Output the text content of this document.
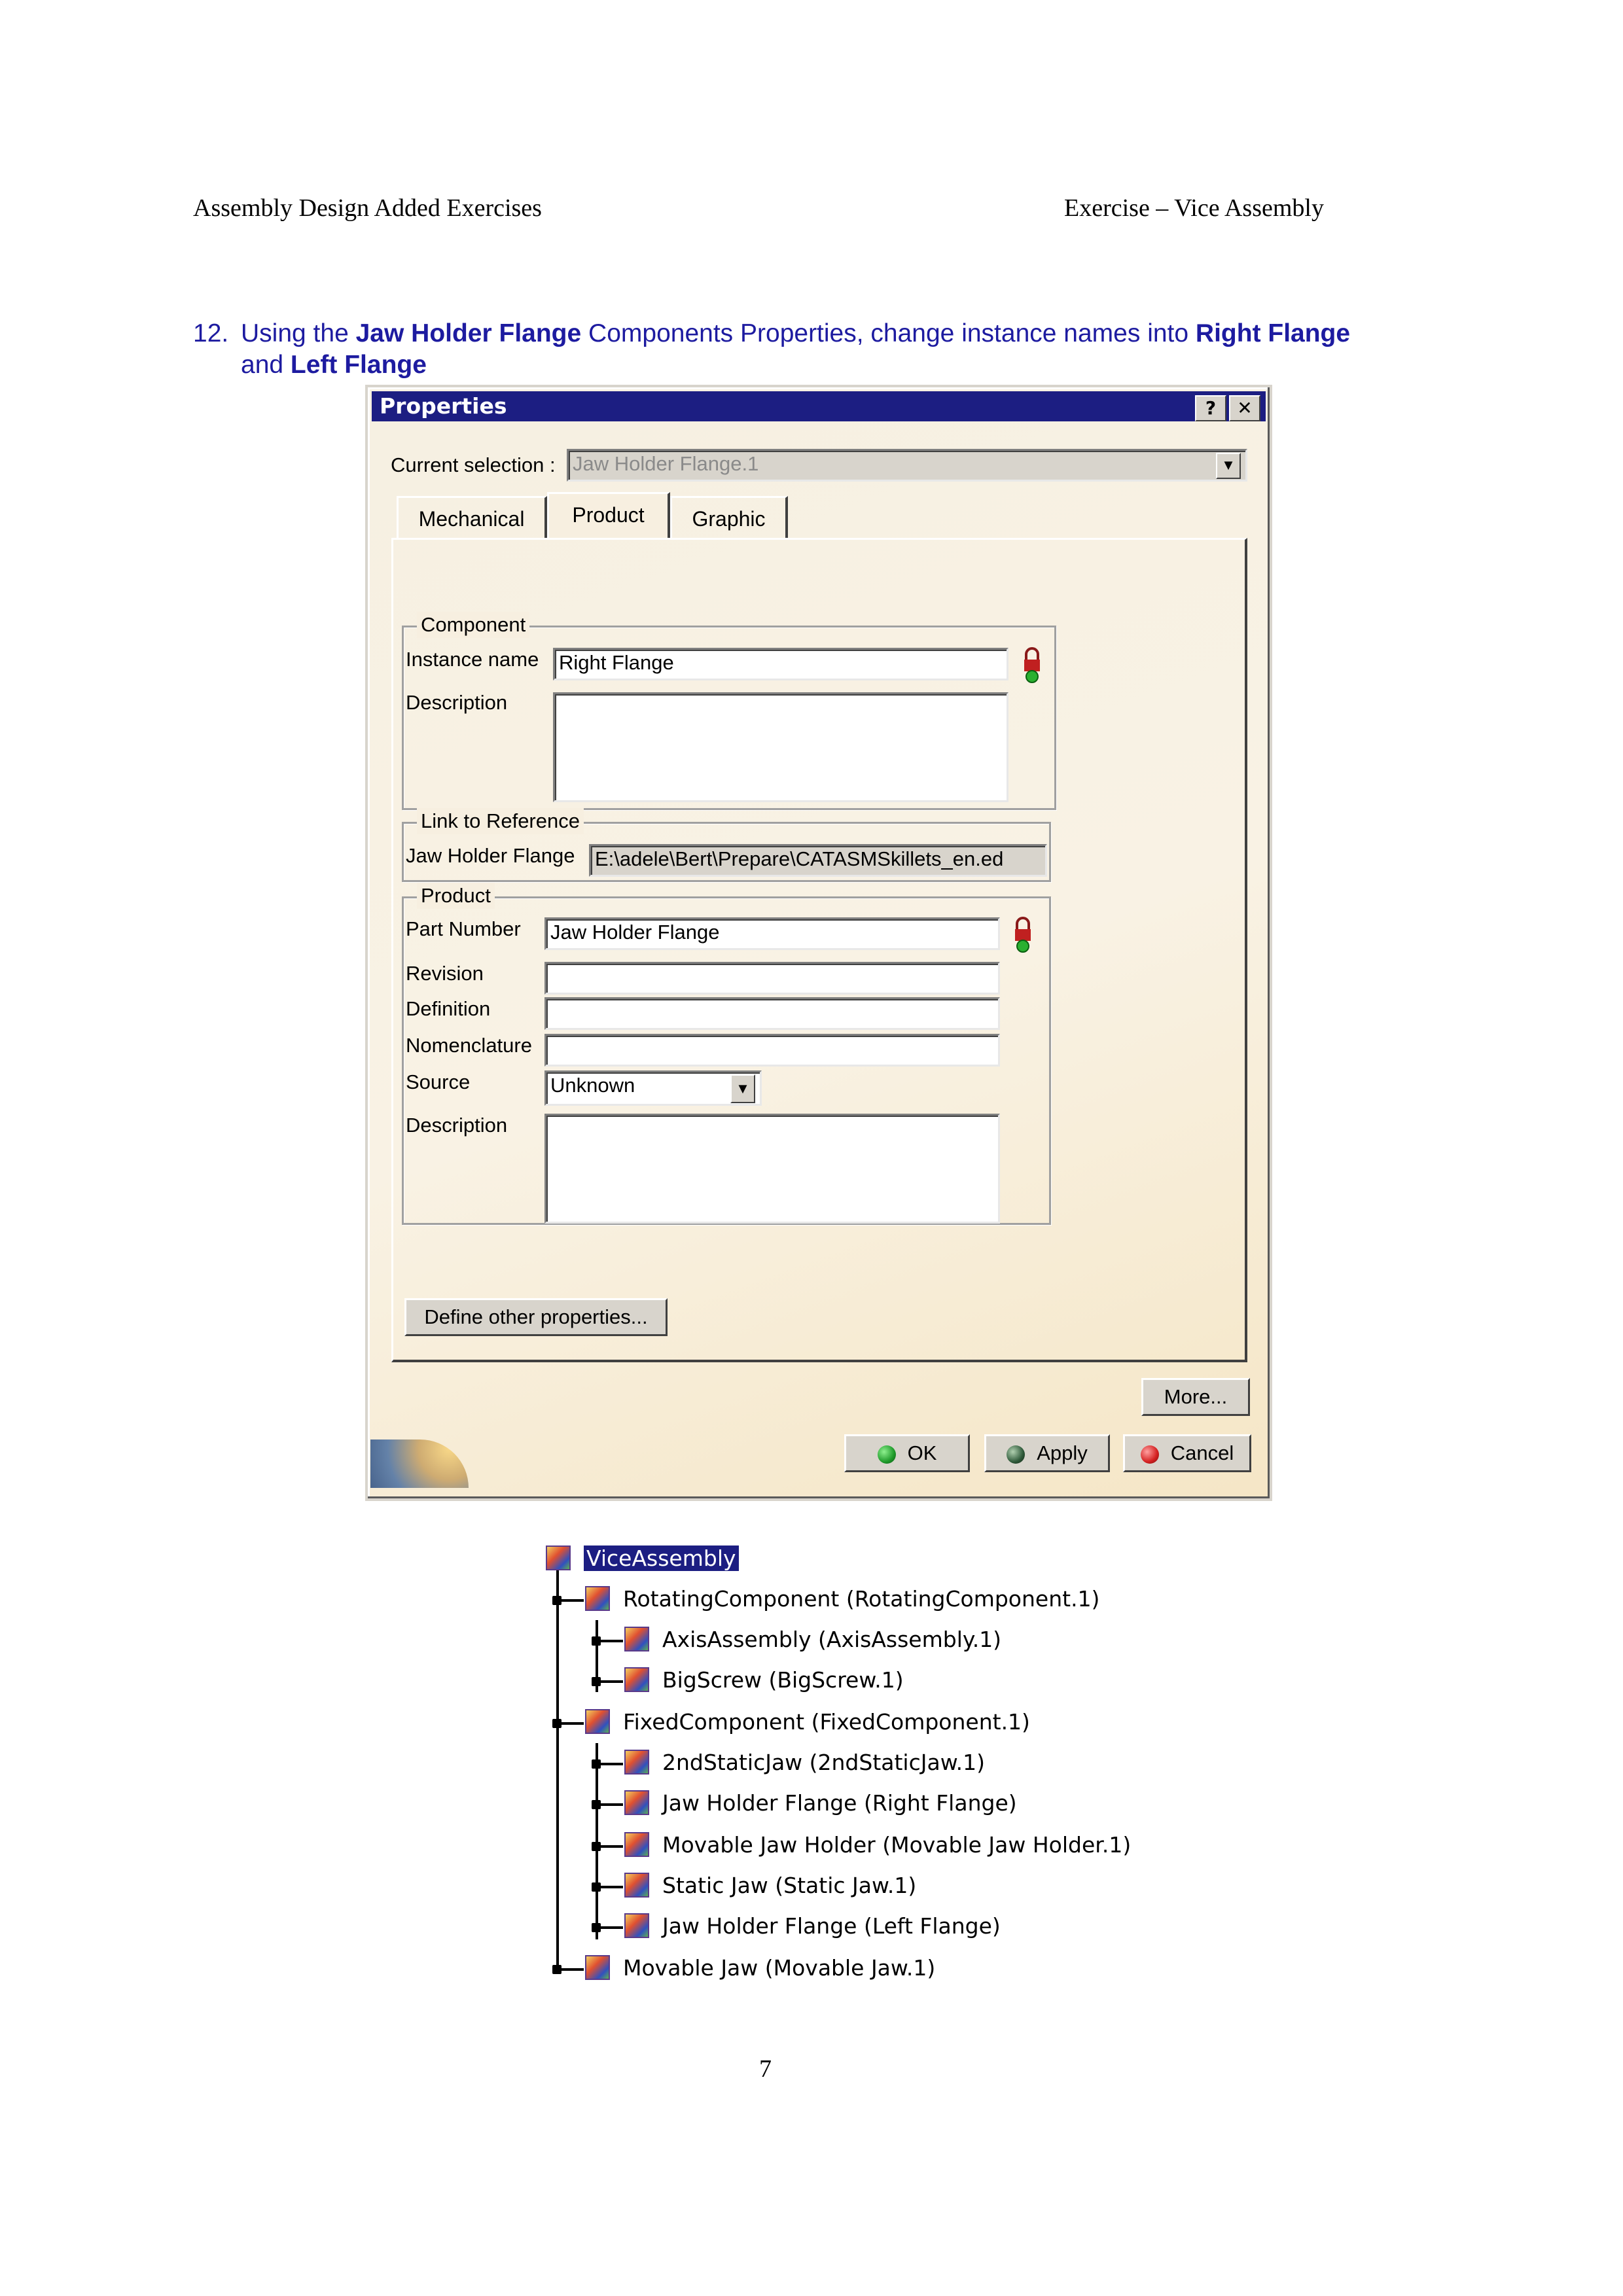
Assembly Design Added Exercises	Exercise – Vice Assembly
12. Using the Jaw Holder Flange Components Properties, change instance names into Right Flange
and Left Flange
Properties	?	✕
Current selection : Jaw Holder Flange.1	▼
Mechanical	Product	Graphic
Component
Instance name Right Flange
Description
Link to Reference
Jaw Holder Flange E:\adele\Bert\Prepare\CATASMSkillets_en.ed
Product
Part Number Jaw Holder Flange
Revision
Definition
Nomenclature
Source	Unknown	▼
Description
Define other properties...
More...
OK	Apply	Cancel
ViceAssembly
RotatingComponent (RotatingComponent.1)
AxisAssembly (AxisAssembly.1)
BigScrew (BigScrew.1)
FixedComponent (FixedComponent.1)
2ndStaticJaw (2ndStaticJaw.1)
Jaw Holder Flange (Right Flange)
Movable Jaw Holder (Movable Jaw Holder.1)
Static Jaw (Static Jaw.1)
Jaw Holder Flange (Left Flange)
Movable Jaw (Movable Jaw.1)
7
